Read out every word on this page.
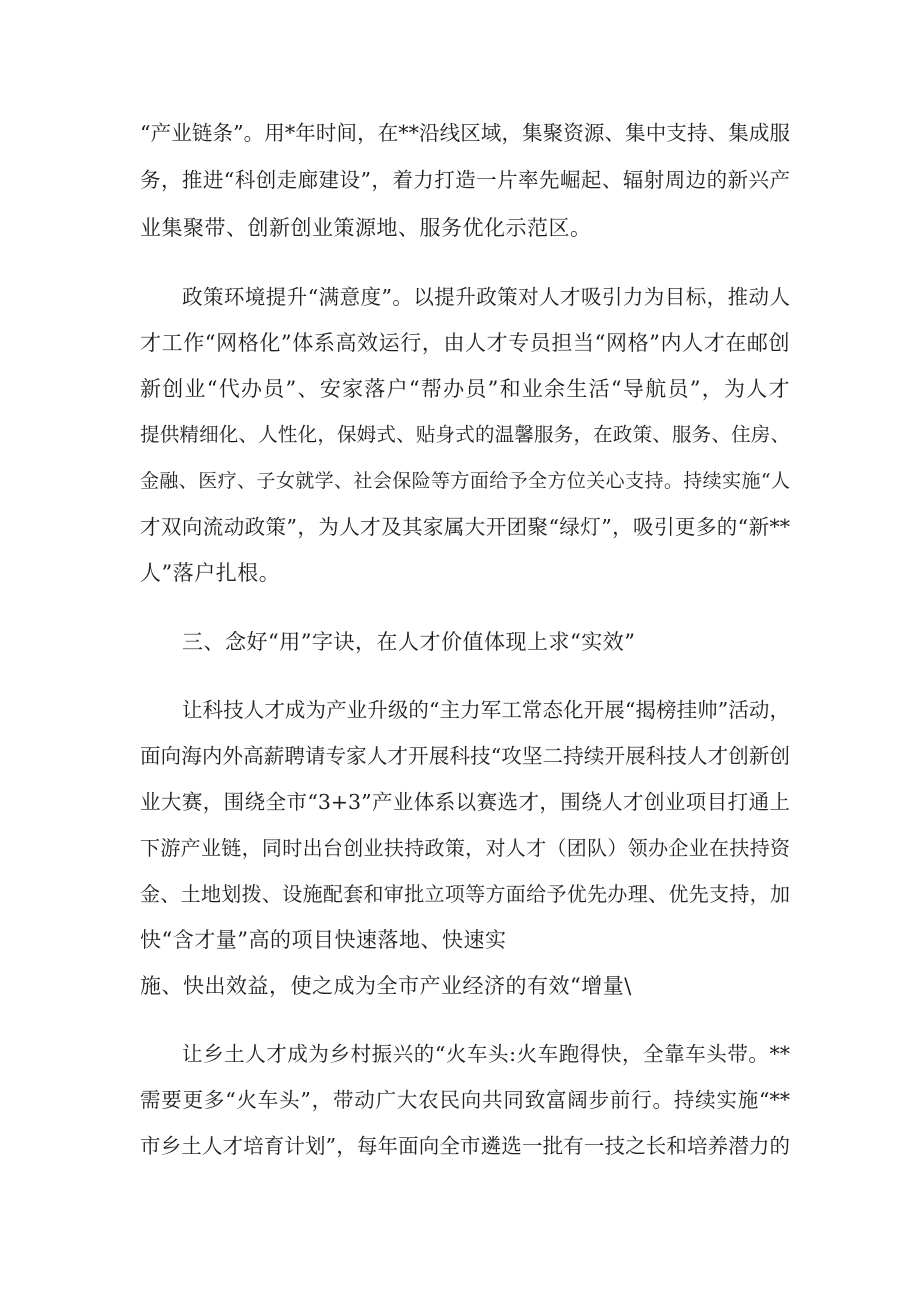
“产业链条”。用*年时间，在**沿线区域，集聚资源、集中支持、集成服
务，推进“科创走廊建设”，着力打造一片率先崛起、辐射周边的新兴产
业集聚带、创新创业策源地、服务优化示范区。
政策环境提升“满意度”。以提升政策对人才吸引力为目标，推动人
才工作“网格化”体系高效运行，由人才专员担当“网格”内人才在邮创
新创业“代办员”、安家落户“帮办员”和业余生活“导航员”，为人才
提供精细化、人性化，保姆式、贴身式的温馨服务，在政策、服务、住房、
金融、医疗、子女就学、社会保险等方面给予全方位关心支持。持续实施“人
才双向流动政策”，为人才及其家属大开团聚“绿灯”，吸引更多的“新**
人”落户扎根。
三、念好“用”字诀，在人才价值体现上求“实效”
让科技人才成为产业升级的“主力军工常态化开展“揭榜挂帅”活动，
面向海内外高薪聘请专家人才开展科技“攻坚二持续开展科技人才创新创
业大赛，围绕全市“3+3”产业体系以赛选才，围绕人才创业项目打通上
下游产业链，同时出台创业扶持政策，对人才（团队）领办企业在扶持资
金、土地划拨、设施配套和审批立项等方面给予优先办理、优先支持，加
快“含才量”高的项目快速落地、快速实
施、快出效益，使之成为全市产业经济的有效“增量\
让乡土人才成为乡村振兴的“火车头:火车跑得快，全靠车头带。**
需要更多“火车头”，带动广大农民向共同致富阔步前行。持续实施“**
市乡土人才培育计划”，每年面向全市遴选一批有一技之长和培养潜力的
